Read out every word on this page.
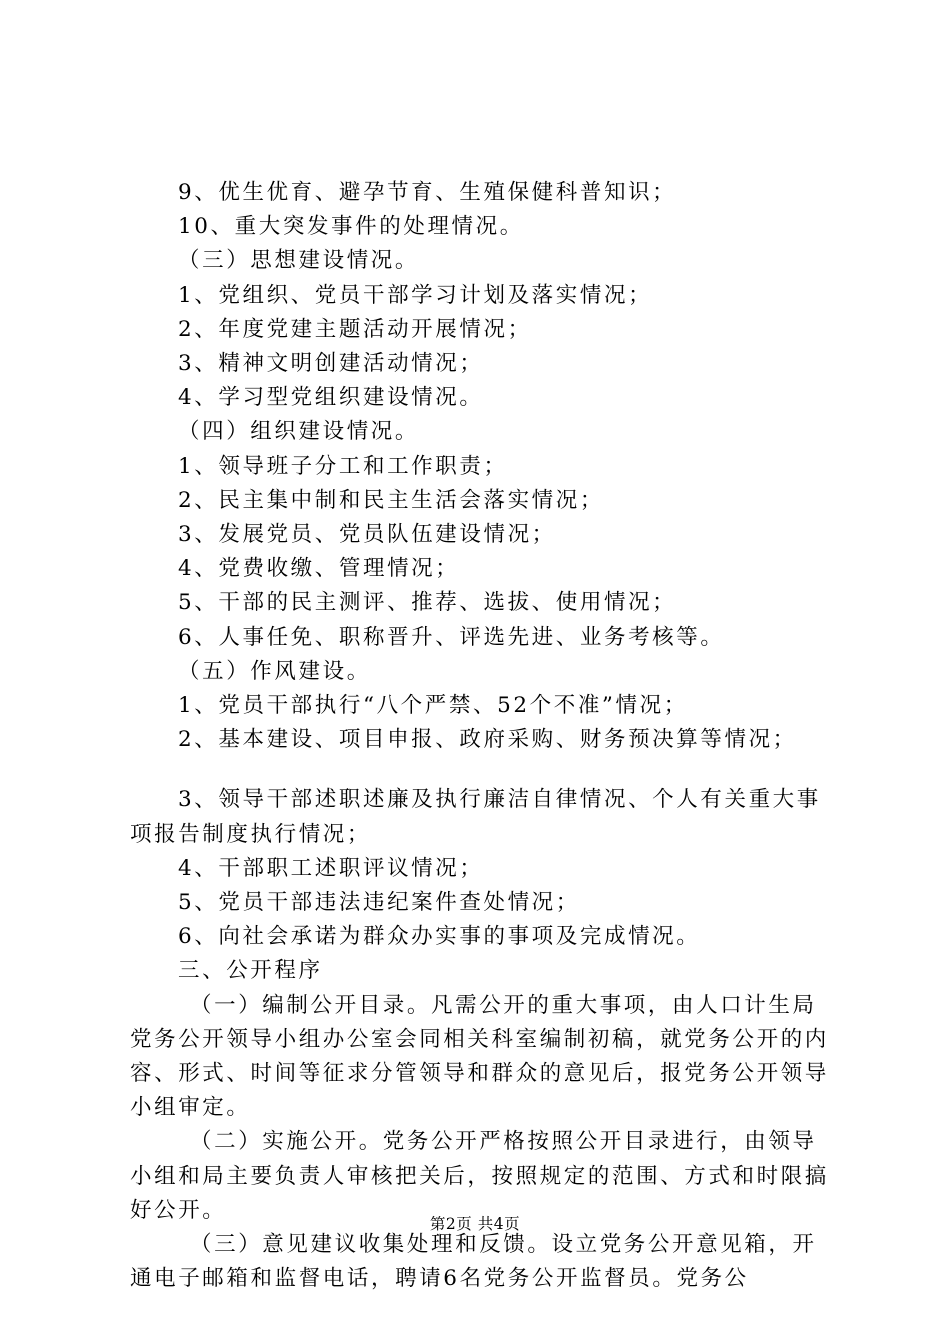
9、优生优育、避孕节育、生殖保健科普知识；

10、重大突发事件的处理情况。

（三）思想建设情况。

1、党组织、党员干部学习计划及落实情况；

2、年度党建主题活动开展情况；

3、精神文明创建活动情况；

4、学习型党组织建设情况。

（四）组织建设情况。

1、领导班子分工和工作职责；

2、民主集中制和民主生活会落实情况；

3、发展党员、党员队伍建设情况；

4、党费收缴、管理情况；

5、干部的民主测评、推荐、选拔、使用情况；

6、人事任免、职称晋升、评选先进、业务考核等。

（五）作风建设。

1、党员干部执行“八个严禁、52个不准”情况；

2、基本建设、项目申报、政府采购、财务预决算等情况；

3、领导干部述职述廉及执行廉洁自律情况、个人有关重大事项报告制度执行情况；

4、干部职工述职评议情况；

5、党员干部违法违纪案件查处情况；

6、向社会承诺为群众办实事的事项及完成情况。

三、公开程序

（一）编制公开目录。凡需公开的重大事项，由人口计生局党务公开领导小组办公室会同相关科室编制初稿，就党务公开的内容、形式、时间等征求分管领导和群众的意见后，报党务公开领导小组审定。

（二）实施公开。党务公开严格按照公开目录进行，由领导小组和局主要负责人审核把关后，按照规定的范围、方式和时限搞好公开。

（三）意见建议收集处理和反馈。设立党务公开意见箱，开通电子邮箱和监督电话，聘请6名党务公开监督员。党务公

第2页 共4页
